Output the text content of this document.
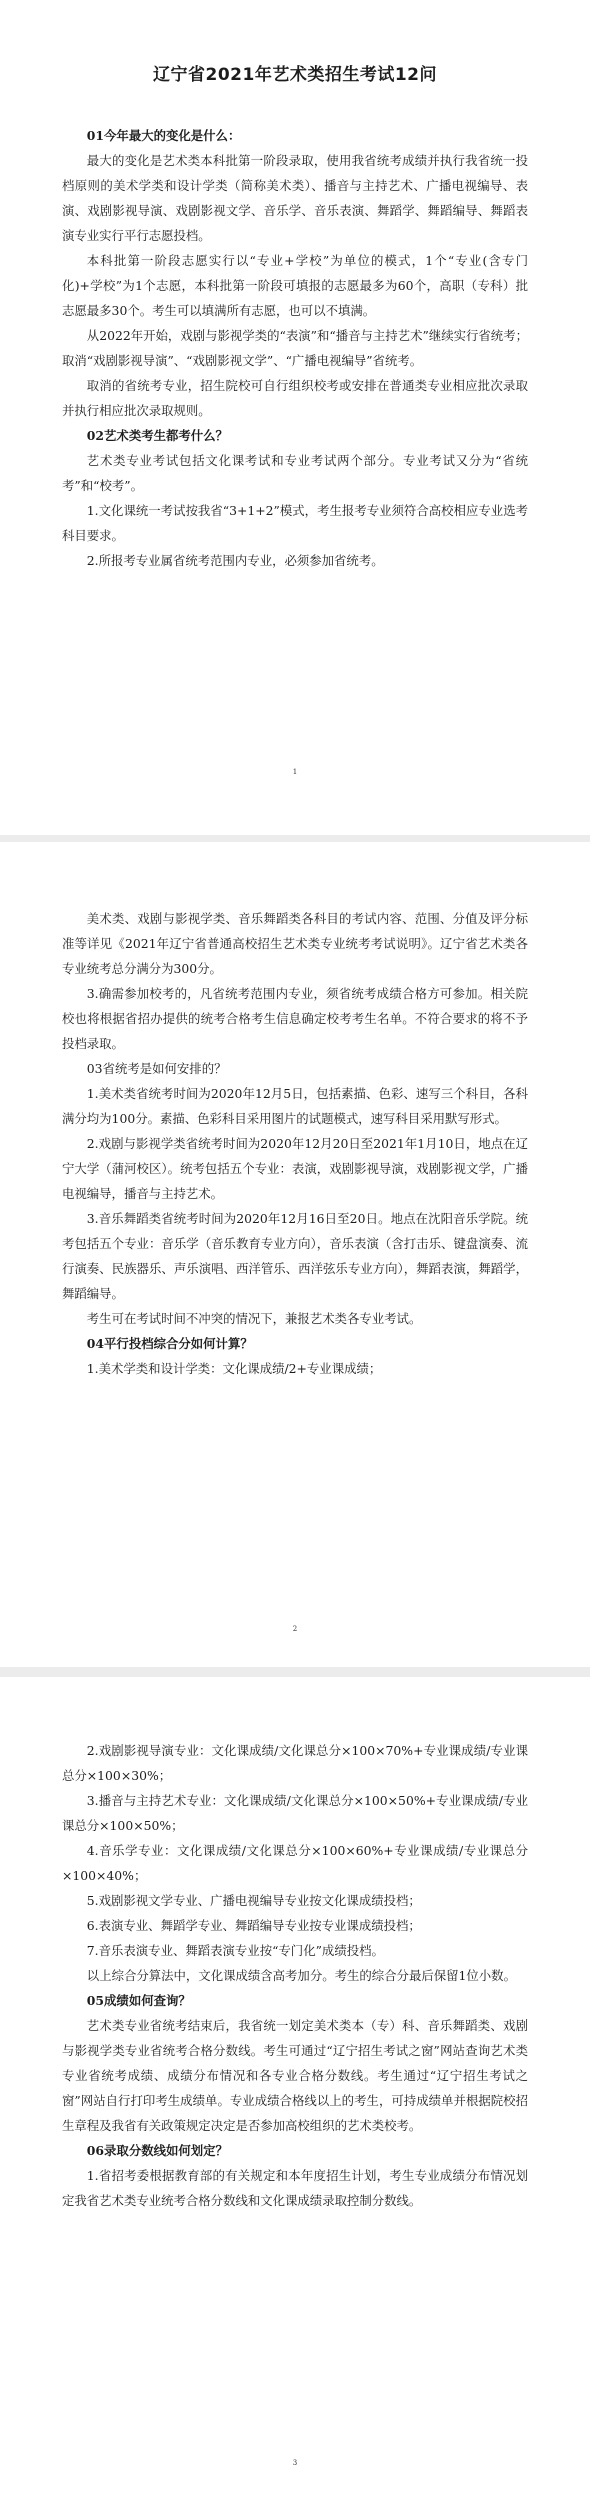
辽宁省2021年艺术类招生考试12问

01今年最大的变化是什么：

最大的变化是艺术类本科批第一阶段录取，使用我省统考成绩并执行我省统一投档原则的美术学类和设计学类（简称美术类）、播音与主持艺术、广播电视编导、表演、戏剧影视导演、戏剧影视文学、音乐学、音乐表演、舞蹈学、舞蹈编导、舞蹈表演专业实行平行志愿投档。

本科批第一阶段志愿实行以“专业+学校”为单位的模式，1个“专业(含专门化)+学校”为1个志愿，本科批第一阶段可填报的志愿最多为60个，高职（专科）批志愿最多30个。考生可以填满所有志愿，也可以不填满。

从2022年开始，戏剧与影视学类的“表演”和“播音与主持艺术”继续实行省统考；取消“戏剧影视导演”、“戏剧影视文学”、“广播电视编导”省统考。

取消的省统考专业，招生院校可自行组织校考或安排在普通类专业相应批次录取并执行相应批次录取规则。

02艺术类考生都考什么？

艺术类专业考试包括文化课考试和专业考试两个部分。专业考试又分为“省统考”和“校考”。

1.文化课统一考试按我省“3+1+2”模式，考生报考专业须符合高校相应专业选考科目要求。

2.所报考专业属省统考范围内专业，必须参加省统考。

1

美术类、戏剧与影视学类、音乐舞蹈类各科目的考试内容、范围、分值及评分标准等详见《2021年辽宁省普通高校招生艺术类专业统考考试说明》。辽宁省艺术类各专业统考总分满分为300分。

3.确需参加校考的，凡省统考范围内专业，须省统考成绩合格方可参加。相关院校也将根据省招办提供的统考合格考生信息确定校考考生名单。不符合要求的将不予投档录取。

03省统考是如何安排的？

1.美术类省统考时间为2020年12月5日，包括素描、色彩、速写三个科目，各科满分均为100分。素描、色彩科目采用图片的试题模式，速写科目采用默写形式。

2.戏剧与影视学类省统考时间为2020年12月20日至2021年1月10日，地点在辽宁大学（蒲河校区）。统考包括五个专业：表演，戏剧影视导演，戏剧影视文学，广播电视编导，播音与主持艺术。

3.音乐舞蹈类省统考时间为2020年12月16日至20日。地点在沈阳音乐学院。统考包括五个专业：音乐学（音乐教育专业方向），音乐表演（含打击乐、键盘演奏、流行演奏、民族器乐、声乐演唱、西洋管乐、西洋弦乐专业方向），舞蹈表演，舞蹈学，舞蹈编导。

考生可在考试时间不冲突的情况下，兼报艺术类各专业考试。

04平行投档综合分如何计算？

1.美术学类和设计学类：文化课成绩/2+专业课成绩；

2

2.戏剧影视导演专业：文化课成绩/文化课总分×100×70%+专业课成绩/专业课总分×100×30%；

3.播音与主持艺术专业：文化课成绩/文化课总分×100×50%+专业课成绩/专业课总分×100×50%；

4.音乐学专业：文化课成绩/文化课总分×100×60%+专业课成绩/专业课总分×100×40%；

5.戏剧影视文学专业、广播电视编导专业按文化课成绩投档；

6.表演专业、舞蹈学专业、舞蹈编导专业按专业课成绩投档；

7.音乐表演专业、舞蹈表演专业按“专门化”成绩投档。

以上综合分算法中，文化课成绩含高考加分。考生的综合分最后保留1位小数。

05成绩如何查询？

艺术类专业省统考结束后，我省统一划定美术类本（专）科、音乐舞蹈类、戏剧与影视学类专业省统考合格分数线。考生可通过“辽宁招生考试之窗”网站查询艺术类专业省统考成绩、成绩分布情况和各专业合格分数线。考生通过“辽宁招生考试之窗”网站自行打印考生成绩单。专业成绩合格线以上的考生，可持成绩单并根据院校招生章程及我省有关政策规定决定是否参加高校组织的艺术类校考。

06录取分数线如何划定？

1.省招考委根据教育部的有关规定和本年度招生计划，考生专业成绩分布情况划定我省艺术类专业统考合格分数线和文化课成绩录取控制分数线。

3
